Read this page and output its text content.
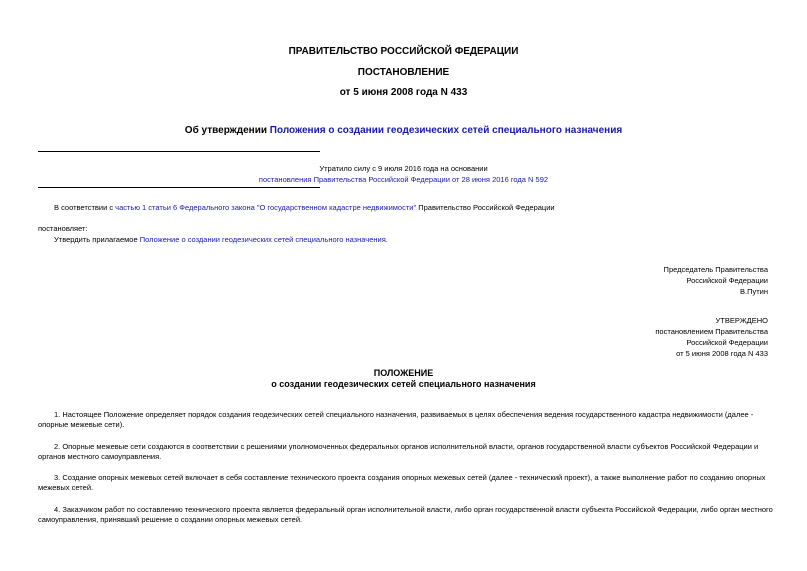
ПРАВИТЕЛЬСТВО РОССИЙСКОЙ ФЕДЕРАЦИИ
ПОСТАНОВЛЕНИЕ
от 5 июня 2008 года N 433
Об утверждении Положения о создании геодезических сетей специального назначения
Утратило силу с 9 июля 2016 года на основании
постановления Правительства Российской Федерации от 28 июня 2016 года N 592
В соответствии с частью 1 статьи 6 Федерального закона "О государственном кадастре недвижимости" Правительство Российской Федерации
постановляет:
Утвердить прилагаемое Положение о создании геодезических сетей специального назначения.
Председатель Правительства
Российской Федерации
В.Путин
УТВЕРЖДЕНО
постановлением Правительства
Российской Федерации
от 5 июня 2008 года N 433
ПОЛОЖЕНИЕ
о создании геодезических сетей специального назначения
1. Настоящее Положение определяет порядок создания геодезических сетей специального назначения, развиваемых в целях обеспечения ведения государственного кадастра недвижимости (далее - опорные межевые сети).
2. Опорные межевые сети создаются в соответствии с решениями уполномоченных федеральных органов исполнительной власти, органов государственной власти субъектов Российской Федерации и органов местного самоуправления.
3. Создание опорных межевых сетей включает в себя составление технического проекта создания опорных межевых сетей (далее - технический проект), а также выполнение работ по созданию опорных межевых сетей.
4. Заказчиком работ по составлению технического проекта является федеральный орган исполнительной власти, либо орган государственной власти субъекта Российской Федерации, либо орган местного самоуправления, принявший решение о создании опорных межевых сетей.
